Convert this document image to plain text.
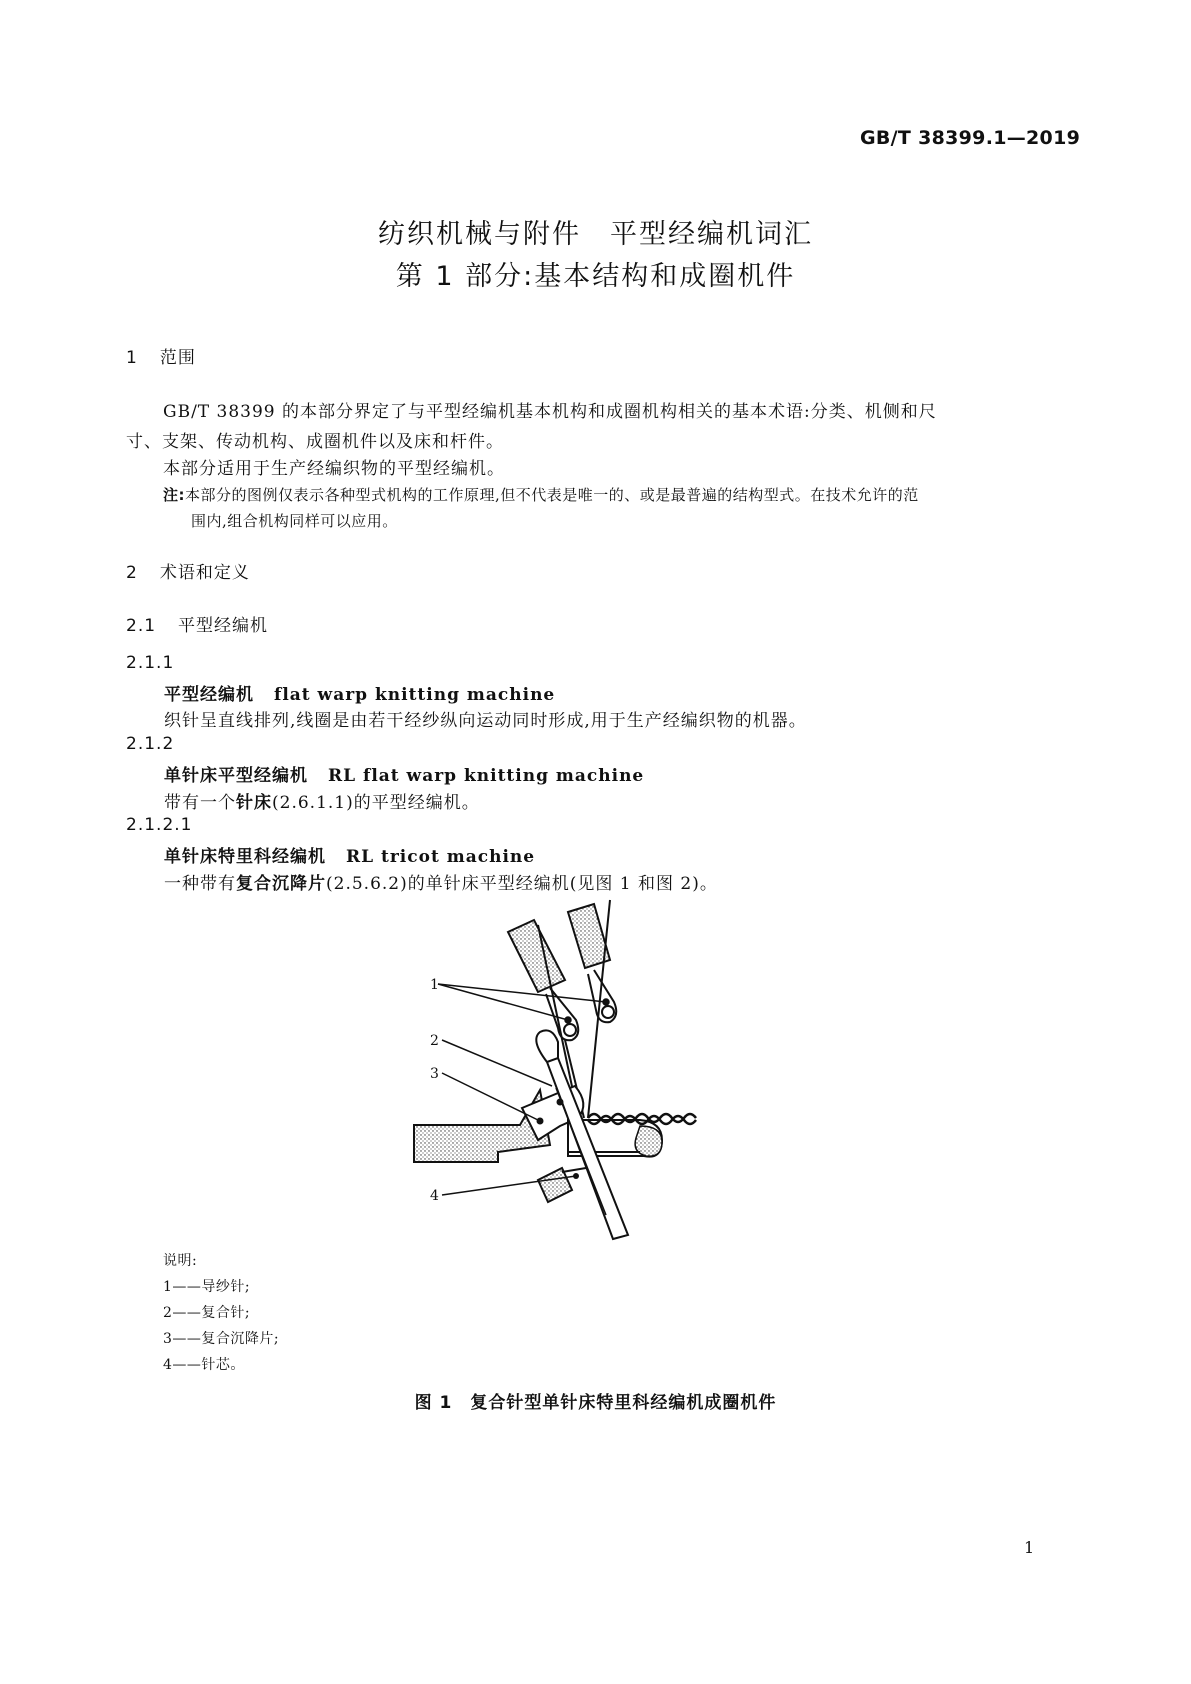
GB/T 38399.1—2019
纺织机械与附件　平型经编机词汇
第 1 部分:基本结构和成圈机件
1 范围
GB/T 38399 的本部分界定了与平型经编机基本机构和成圈机构相关的基本术语:分类、机侧和尺
寸、支架、传动机构、成圈机件以及床和杆件。
本部分适用于生产经编织物的平型经编机。
注:本部分的图例仅表示各种型式机构的工作原理,但不代表是唯一的、或是最普遍的结构型式。在技术允许的范
围内,组合机构同样可以应用。
2 术语和定义
2.1 平型经编机
2.1.1
平型经编机 flat warp knitting machine
织针呈直线排列,线圈是由若干经纱纵向运动同时形成,用于生产经编织物的机器。
2.1.2
单针床平型经编机 RL flat warp knitting machine
带有一个针床(2.6.1.1)的平型经编机。
2.1.2.1
单针床特里科经编机 RL tricot machine
一种带有复合沉降片(2.5.6.2)的单针床平型经编机(见图 1 和图 2)。
1
2
3
4
说明:
1——导纱针;
2——复合针;
3——复合沉降片;
4——针芯。
图 1　复合针型单针床特里科经编机成圈机件
1
